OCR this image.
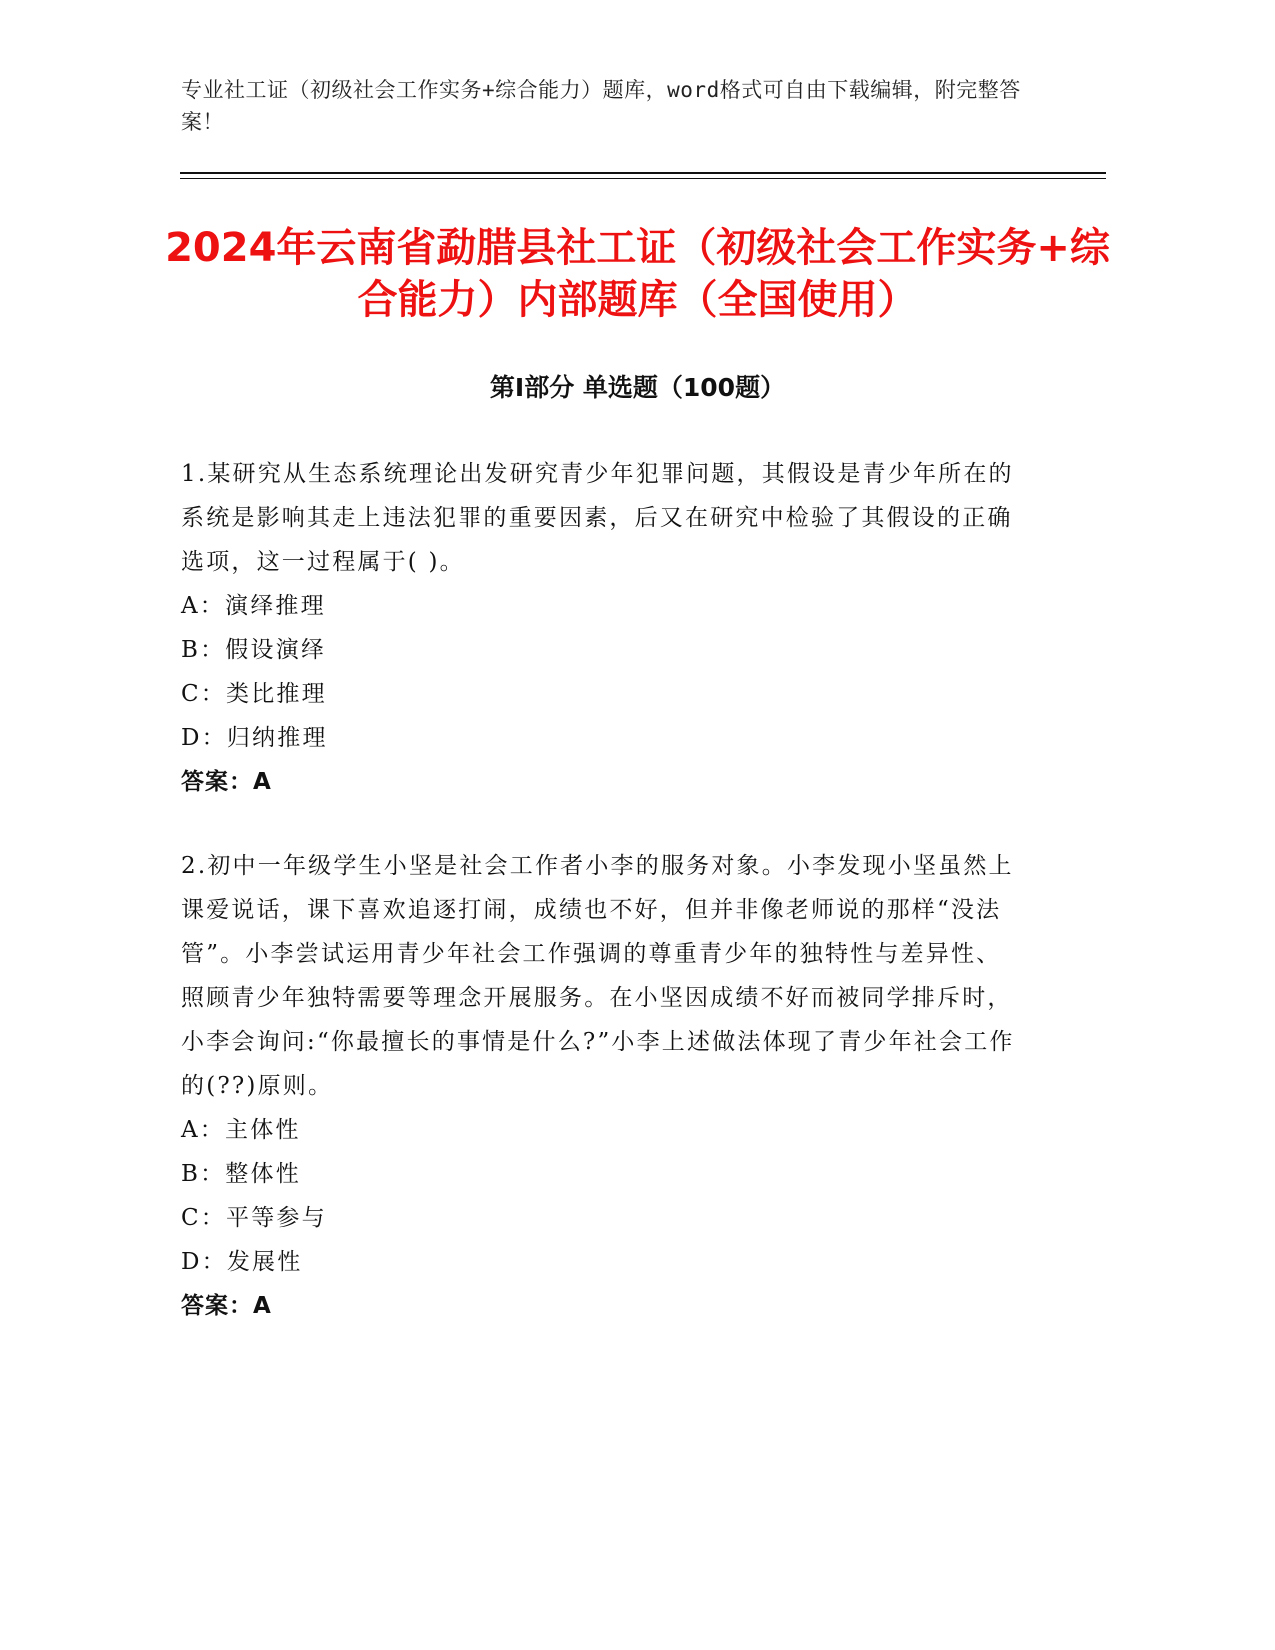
专业社工证（初级社会工作实务+综合能力）题库，word格式可自由下载编辑，附完整答案！
2024年云南省勐腊县社工证（初级社会工作实务+综合能力）内部题库（全国使用）
第Ⅰ部分 单选题（100题）

1.某研究从生态系统理论出发研究青少年犯罪问题，其假设是青少年所在的系统是影响其走上违法犯罪的重要因素，后又在研究中检验了其假设的正确选项，这一过程属于( )。

A：演绎推理
B：假设演绎
C：类比推理
D：归纳推理
答案：A

2.初中一年级学生小坚是社会工作者小李的服务对象。小李发现小坚虽然上课爱说话，课下喜欢追逐打闹，成绩也不好，但并非像老师说的那样“没法管”。小李尝试运用青少年社会工作强调的尊重青少年的独特性与差异性、照顾青少年独特需要等理念开展服务。在小坚因成绩不好而被同学排斥时，小李会询问:“你最擅长的事情是什么?”小李上述做法体现了青少年社会工作的(??)原则。

A：主体性
B：整体性
C：平等参与
D：发展性
答案：A
